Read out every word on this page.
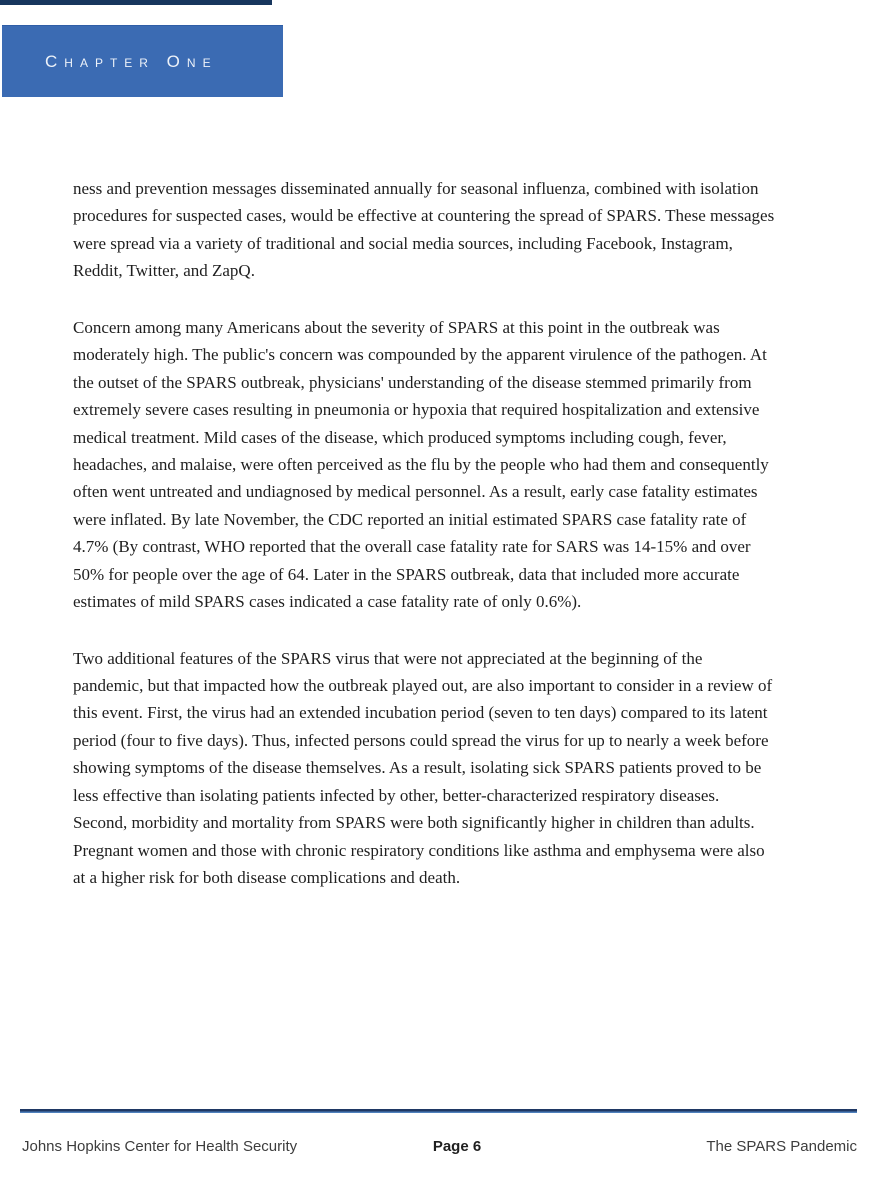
Chapter One
ness and prevention messages disseminated annually for seasonal influenza, combined with isolation
procedures for suspected cases, would be effective at countering the spread of SPARS. These messages
were spread via a variety of traditional and social media sources, including Facebook, Instagram,
Reddit, Twitter, and ZapQ.
Concern among many Americans about the severity of SPARS at this point in the outbreak was
moderately high. The public's concern was compounded by the apparent virulence of the pathogen. At
the outset of the SPARS outbreak, physicians' understanding of the disease stemmed primarily from
extremely severe cases resulting in pneumonia or hypoxia that required hospitalization and extensive
medical treatment. Mild cases of the disease, which produced symptoms including cough, fever,
headaches, and malaise, were often perceived as the flu by the people who had them and consequently
often went untreated and undiagnosed by medical personnel. As a result, early case fatality estimates
were inflated. By late November, the CDC reported an initial estimated SPARS case fatality rate of
4.7% (By contrast, WHO reported that the overall case fatality rate for SARS was 14-15% and over
50% for people over the age of 64. Later in the SPARS outbreak, data that included more accurate
estimates of mild SPARS cases indicated a case fatality rate of only 0.6%).
Two additional features of the SPARS virus that were not appreciated at the beginning of the
pandemic, but that impacted how the outbreak played out, are also important to consider in a review of
this event. First, the virus had an extended incubation period (seven to ten days) compared to its latent
period (four to five days). Thus, infected persons could spread the virus for up to nearly a week before
showing symptoms of the disease themselves. As a result, isolating sick SPARS patients proved to be
less effective than isolating patients infected by other, better-characterized respiratory diseases.
Second, morbidity and mortality from SPARS were both significantly higher in children than adults.
Pregnant women and those with chronic respiratory conditions like asthma and emphysema were also
at a higher risk for both disease complications and death.
Johns Hopkins Center for Health Security	Page 6	The SPARS Pandemic
